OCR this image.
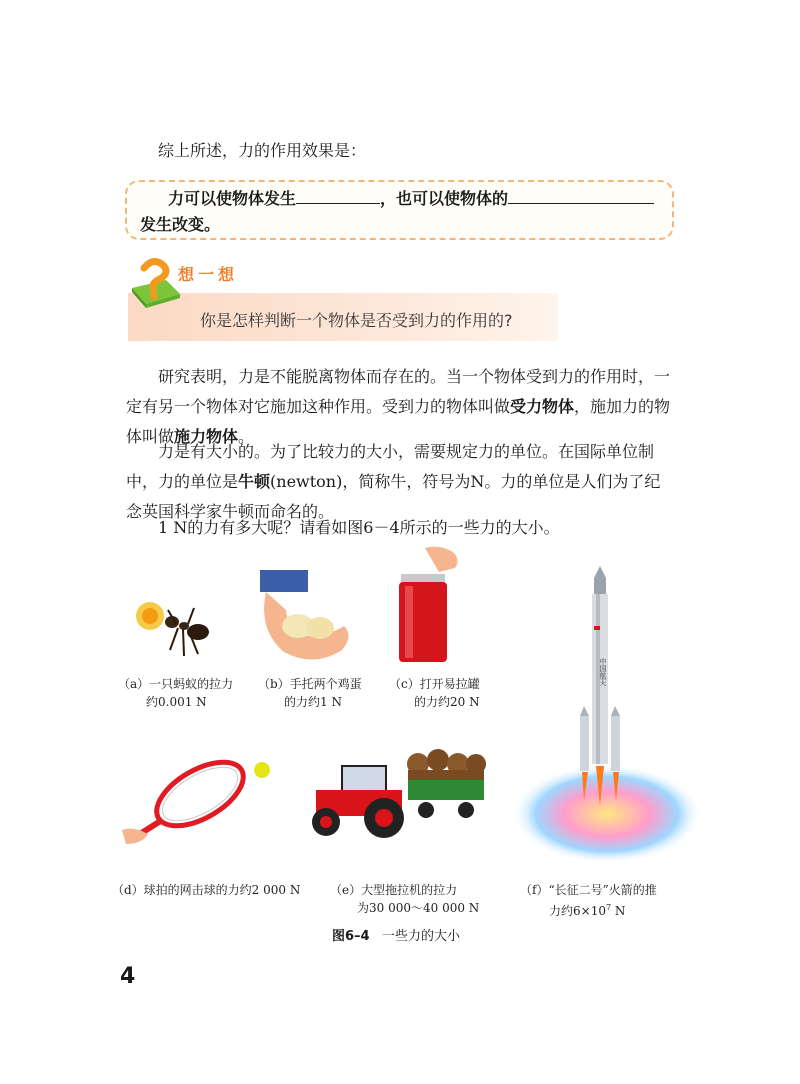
综上所述，力的作用效果是：
力可以使物体发生	，也可以使物体的
发生改变。
想一想
你是怎样判断一个物体是否受到力的作用的?
研究表明，力是不能脱离物体而存在的。当一个物体受到力的作用时，一定有另一个物体对它施加这种作用。受到力的物体叫做受力物体，施加力的物体叫做施力物体。
力是有大小的。为了比较力的大小，需要规定力的单位。在国际单位制中，力的单位是牛顿(newton)，简称牛，符号为N。力的单位是人们为了纪念英国科学家牛顿而命名的。
1 N的力有多大呢？请看如图6－4所示的一些力的大小。
（a）一只蚂蚁的拉力
约0.001 N
（b）手托两个鸡蛋
的力约1 N
（c）打开易拉罐
的力约20 N
中国航天
（d）球拍的网击球的力约2 000 N （e）大型拖拉机的拉力
为30 000～40 000 N
（f）“长征二号”火箭的推
力约$6\times 10^7$ N
图6–4 一些力的大小
4
